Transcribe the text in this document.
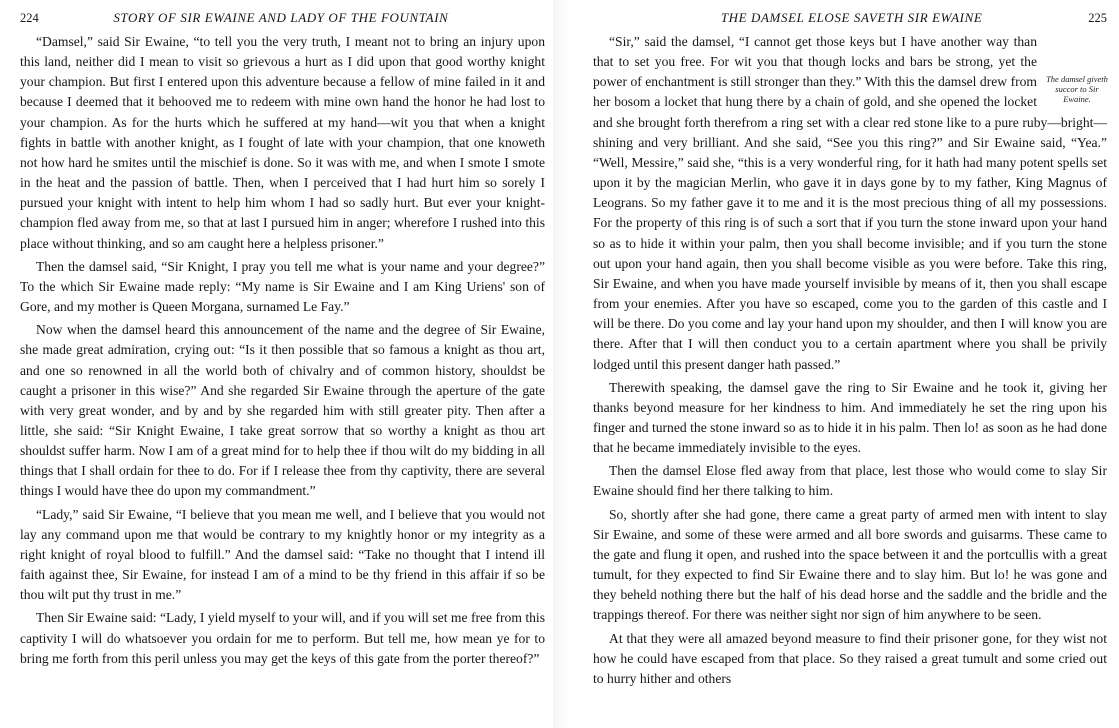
224	STORY OF SIR EWAINE AND LADY OF THE FOUNTAIN

“Damsel,” said Sir Ewaine, “to tell you the very truth, I meant not to bring an injury upon this land, neither did I mean to visit so grievous a hurt as I did upon that good worthy knight your champion. But first I entered upon this adventure because a fellow of mine failed in it and because I deemed that it behooved me to redeem with mine own hand the honor he had lost to your champion. As for the hurts which he suffered at my hand—wit you that when a knight fights in battle with another knight, as I fought of late with your champion, that one knoweth not how hard he smites until the mischief is done. So it was with me, and when I smote I smote in the heat and the passion of battle. Then, when I perceived that I had hurt him so sorely I pursued your knight with intent to help him whom I had so sadly hurt. But ever your knight-champion fled away from me, so that at last I pursued him in anger; wherefore I rushed into this place without thinking, and so am caught here a helpless prisoner.”

Then the damsel said, “Sir Knight, I pray you tell me what is your name and your degree?” To the which Sir Ewaine made reply: “My name is Sir Ewaine and I am King Uriens' son of Gore, and my mother is Queen Morgana, surnamed Le Fay.”

Now when the damsel heard this announcement of the name and the degree of Sir Ewaine, she made great admiration, crying out: “Is it then possible that so famous a knight as thou art, and one so renowned in all the world both of chivalry and of common history, shouldst be caught a prisoner in this wise?” And she regarded Sir Ewaine through the aperture of the gate with very great wonder, and by and by she regarded him with still greater pity. Then after a little, she said: “Sir Knight Ewaine, I take great sorrow that so worthy a knight as thou art shouldst suffer harm. Now I am of a great mind for to help thee if thou wilt do my bidding in all things that I shall ordain for thee to do. For if I release thee from thy captivity, there are several things I would have thee do upon my commandment.”

“Lady,” said Sir Ewaine, “I believe that you mean me well, and I believe that you would not lay any command upon me that would be contrary to my knightly honor or my integrity as a right knight of royal blood to fulfill.” And the damsel said: “Take no thought that I intend ill faith against thee, Sir Ewaine, for instead I am of a mind to be thy friend in this affair if so be thou wilt put thy trust in me.”

Then Sir Ewaine said: “Lady, I yield myself to your will, and if you will set me free from this captivity I will do whatsoever you ordain for me to perform. But tell me, how mean ye for to bring me forth from this peril unless you may get the keys of this gate from the porter thereof?”

THE DAMSEL ELOSE SAVETH SIR EWAINE	225
The damsel giveth succor to Sir Ewaine.

“Sir,” said the damsel, “I cannot get those keys but I have another way than that to set you free. For wit you that though locks and bars be strong, yet the power of enchantment is still stronger than they.” With this the damsel drew from her bosom a locket that hung there by a chain of gold, and she opened the locket and she brought forth therefrom a ring set with a clear red stone like to a pure ruby—bright—shining and very brilliant. And she said, “See you this ring?” and Sir Ewaine said, “Yea.” “Well, Messire,” said she, “this is a very wonderful ring, for it hath had many potent spells set upon it by the magician Merlin, who gave it in days gone by to my father, King Magnus of Leograns. So my father gave it to me and it is the most precious thing of all my possessions. For the property of this ring is of such a sort that if you turn the stone inward upon your hand so as to hide it within your palm, then you shall become invisible; and if you turn the stone out upon your hand again, then you shall become visible as you were before. Take this ring, Sir Ewaine, and when you have made yourself invisible by means of it, then you shall escape from your enemies. After you have so escaped, come you to the garden of this castle and I will be there. Do you come and lay your hand upon my shoulder, and then I will know you are there. After that I will then conduct you to a certain apartment where you shall be privily lodged until this present danger hath passed.”

Therewith speaking, the damsel gave the ring to Sir Ewaine and he took it, giving her thanks beyond measure for her kindness to him. And immediately he set the ring upon his finger and turned the stone inward so as to hide it in his palm. Then lo! as soon as he had done that he became immediately invisible to the eyes.

Then the damsel Elose fled away from that place, lest those who would come to slay Sir Ewaine should find her there talking to him.

So, shortly after she had gone, there came a great party of armed men with intent to slay Sir Ewaine, and some of these were armed and all bore swords and guisarms. These came to the gate and flung it open, and rushed into the space between it and the portcullis with a great tumult, for they expected to find Sir Ewaine there and to slay him. But lo! he was gone and they beheld nothing there but the half of his dead horse and the saddle and the bridle and the trappings thereof. For there was neither sight nor sign of him anywhere to be seen.

At that they were all amazed beyond measure to find their prisoner gone, for they wist not how he could have escaped from that place. So they raised a great tumult and some cried out to hurry hither and others
